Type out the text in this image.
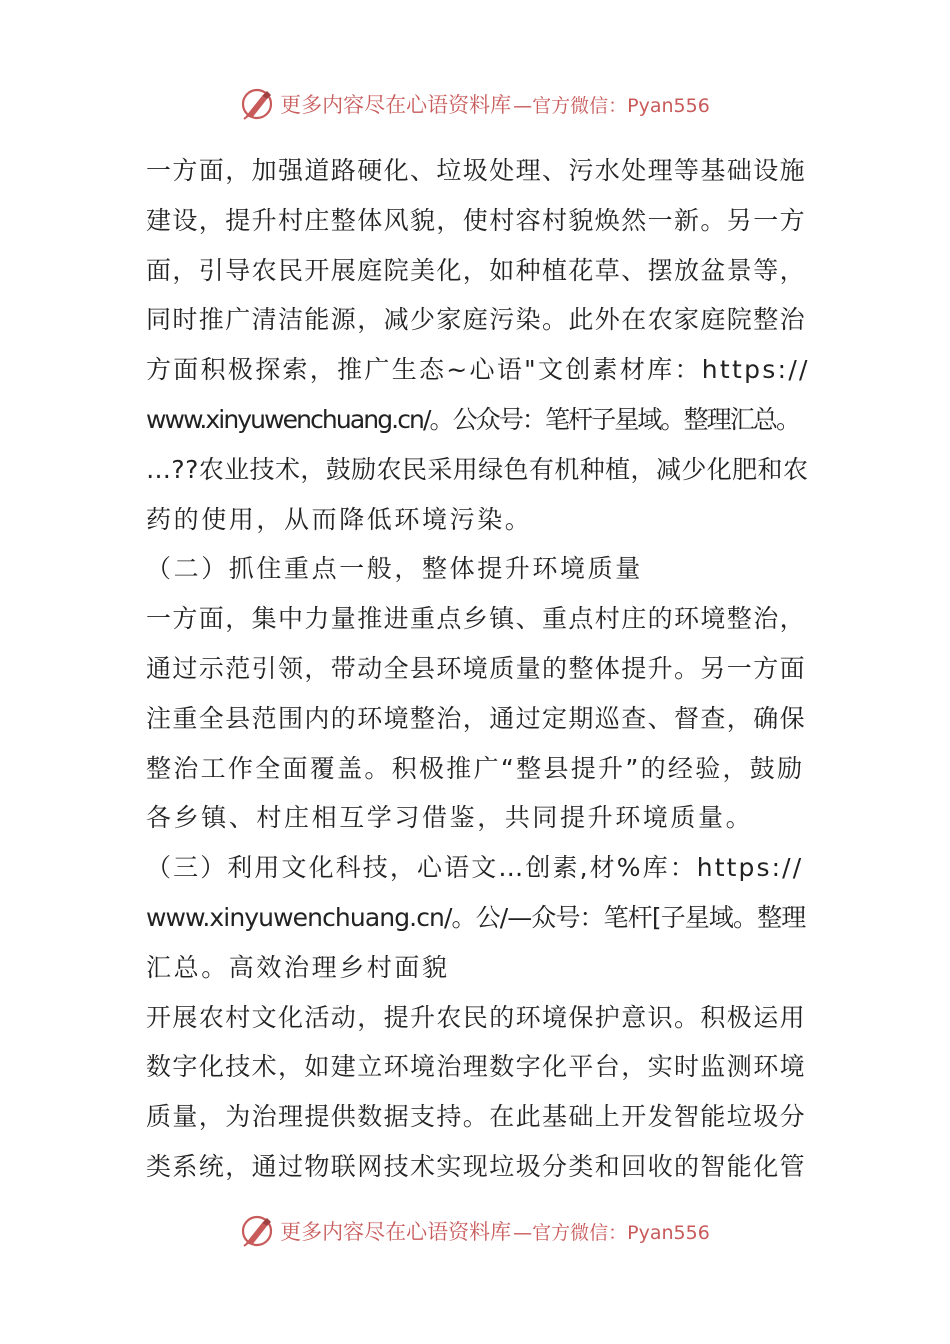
更多内容尽在心语资料库 —官方微信：Pyan556
一方面，加强道路硬化、垃圾处理、污水处理等基础设施
建设，提升村庄整体风貌，使村容村貌焕然一新。另一方
面，引导农民开展庭院美化，如种植花草、摆放盆景等，
同时推广清洁能源，减少家庭污染。此外在农家庭院整治
方面积极探索，推广生态~心语"文创素材库：https://
www.xinyuwenchuang.cn/。公众号：笔杆子星域。整理汇总。
…??农业技术，鼓励农民采用绿色有机种植，减少化肥和农
药的使用，从而降低环境污染。
（二）抓住重点一般，整体提升环境质量
一方面，集中力量推进重点乡镇、重点村庄的环境整治，
通过示范引领，带动全县环境质量的整体提升。另一方面
注重全县范围内的环境整治，通过定期巡查、督查，确保
整治工作全面覆盖。积极推广“整县提升”的经验，鼓励
各乡镇、村庄相互学习借鉴，共同提升环境质量。
（三）利用文化科技，心语文…创素,材%库：https://
www.xinyuwenchuang.cn/。公/—众号：笔杆[子星域。整理
汇总。高效治理乡村面貌
开展农村文化活动，提升农民的环境保护意识。积极运用
数字化技术，如建立环境治理数字化平台，实时监测环境
质量，为治理提供数据支持。在此基础上开发智能垃圾分
类系统，通过物联网技术实现垃圾分类和回收的智能化管
更多内容尽在心语资料库 —官方微信：Pyan556
